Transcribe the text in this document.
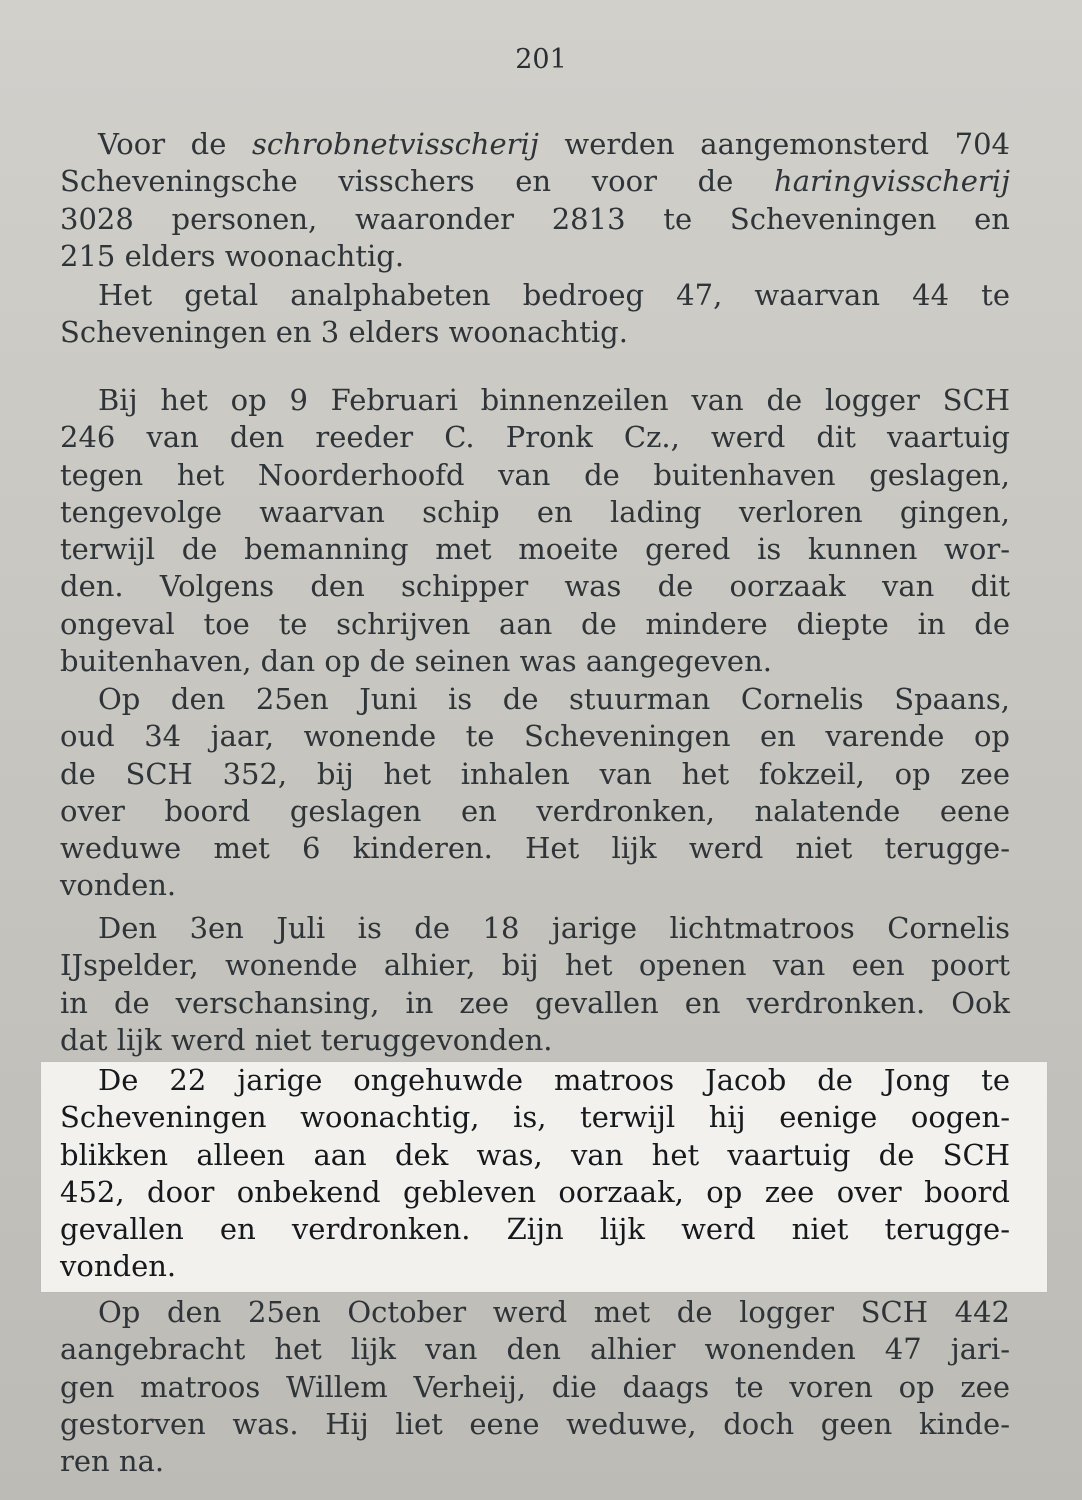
201
Voor de schrobnetvisscherij werden aangemonsterd 704
Scheveningsche visschers en voor de haringvisscherij
3028 personen, waaronder 2813 te Scheveningen en
215 elders woonachtig.
Het getal analphabeten bedroeg 47, waarvan 44 te
Scheveningen en 3 elders woonachtig.
Bij het op 9 Februari binnenzeilen van de logger SCH
246 van den reeder C. Pronk Cz., werd dit vaartuig
tegen het Noorderhoofd van de buitenhaven geslagen,
tengevolge waarvan schip en lading verloren gingen,
terwijl de bemanning met moeite gered is kunnen wor-
den. Volgens den schipper was de oorzaak van dit
ongeval toe te schrijven aan de mindere diepte in de
buitenhaven, dan op de seinen was aangegeven.
Op den 25en Juni is de stuurman Cornelis Spaans,
oud 34 jaar, wonende te Scheveningen en varende op
de SCH 352, bij het inhalen van het fokzeil, op zee
over boord geslagen en verdronken, nalatende eene
weduwe met 6 kinderen. Het lijk werd niet terugge-
vonden.
Den 3en Juli is de 18 jarige lichtmatroos Cornelis
IJspelder, wonende alhier, bij het openen van een poort
in de verschansing, in zee gevallen en verdronken. Ook
dat lijk werd niet teruggevonden.
De 22 jarige ongehuwde matroos Jacob de Jong te
Scheveningen woonachtig, is, terwijl hij eenige oogen-
blikken alleen aan dek was, van het vaartuig de SCH
452, door onbekend gebleven oorzaak, op zee over boord
gevallen en verdronken. Zijn lijk werd niet terugge-
vonden.
Op den 25en October werd met de logger SCH 442
aangebracht het lijk van den alhier wonenden 47 jari-
gen matroos Willem Verheij, die daags te voren op zee
gestorven was. Hij liet eene weduwe, doch geen kinde-
ren na.
